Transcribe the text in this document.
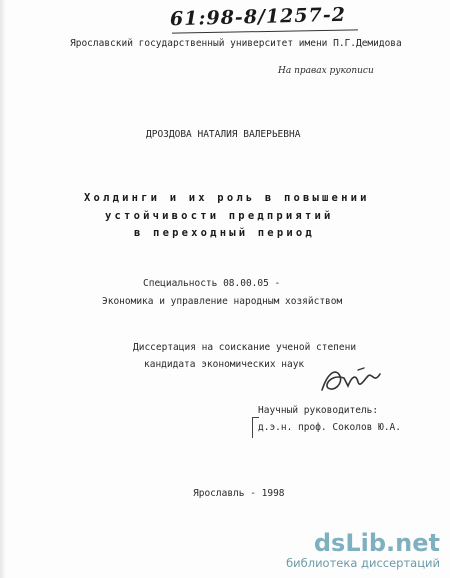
61:98-8/1257-2
Ярославский государственный университет имени П.Г.Демидова
На правах рукописи
ДРОЗДОВА НАТАЛИЯ ВАЛЕРЬЕВНА
Холдинги и их роль в повышении
устойчивости предприятий
в переходный период
Специальность 08.00.05 -
Экономика и управление народным хозяйством
Диссертация на соискание ученой степени
кандидата экономических наук
Научный руководитель:
д.э.н. проф. Соколов Ю.А.
Ярославль - 1998
dsLib.net
библиотека диссертаций
